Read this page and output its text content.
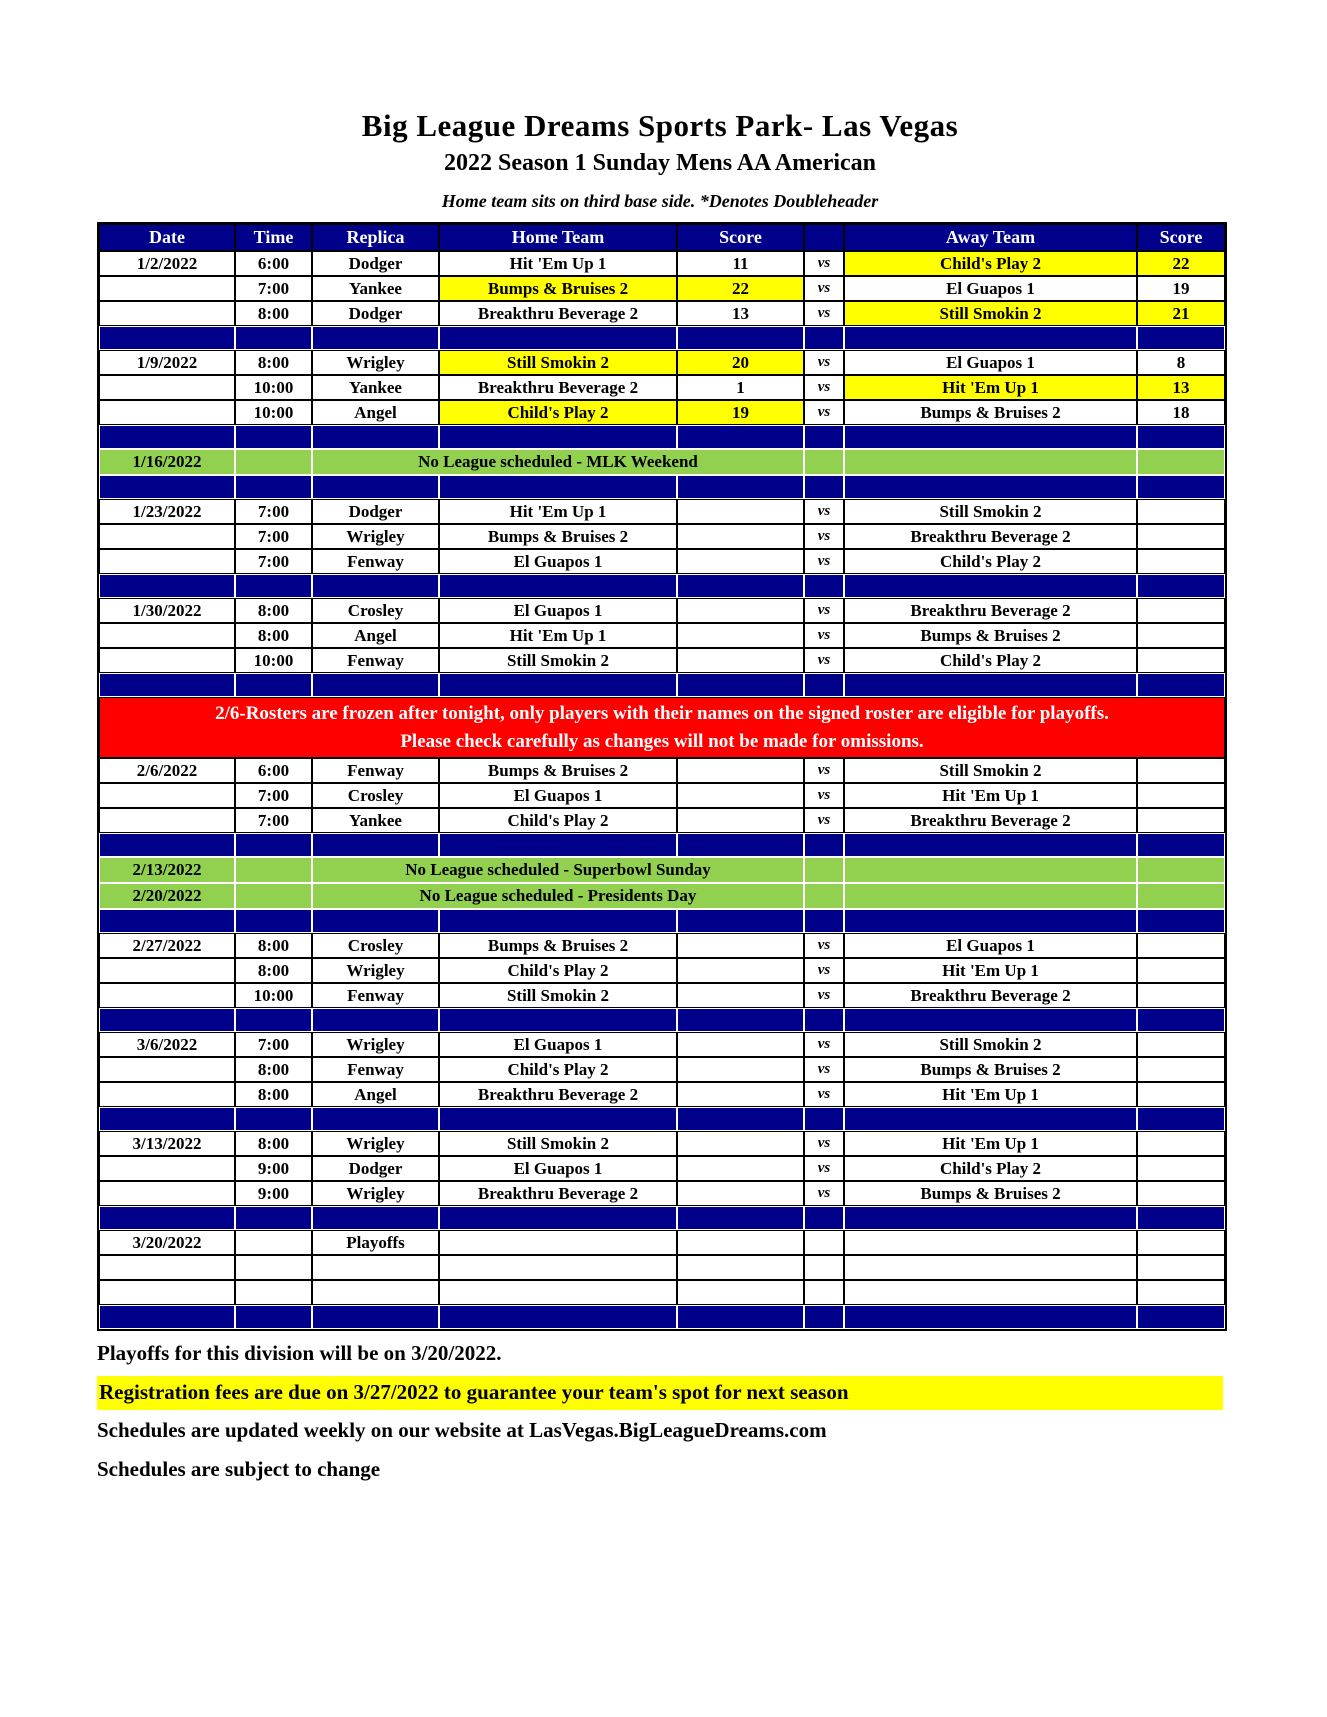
Big League Dreams Sports Park- Las Vegas
2022 Season 1 Sunday Mens AA American
Home team sits on third base side. *Denotes Doubleheader
Date	Time	Replica	Home Team	Score		Away Team	Score
1/2/2022	6:00	Dodger	Hit 'Em Up 1	11	vs	Child's Play 2	22
	7:00	Yankee	Bumps & Bruises 2	22	vs	El Guapos 1	19
	8:00	Dodger	Breakthru Beverage 2	13	vs	Still Smokin 2	21

1/9/2022	8:00	Wrigley	Still Smokin 2	20	vs	El Guapos 1	8
	10:00	Yankee	Breakthru Beverage 2	1	vs	Hit 'Em Up 1	13
	10:00	Angel	Child's Play 2	19	vs	Bumps & Bruises 2	18

1/16/2022		No League scheduled - MLK Weekend					

1/23/2022	7:00	Dodger	Hit 'Em Up 1		vs	Still Smokin 2	
	7:00	Wrigley	Bumps & Bruises 2		vs	Breakthru Beverage 2	
	7:00	Fenway	El Guapos 1		vs	Child's Play 2	

1/30/2022	8:00	Crosley	El Guapos 1		vs	Breakthru Beverage 2	
	8:00	Angel	Hit 'Em Up 1		vs	Bumps & Bruises 2	
	10:00	Fenway	Still Smokin 2		vs	Child's Play 2	

2/6-Rosters are frozen after tonight, only players with their names on the signed roster are eligible for playoffs.
Please check carefully as changes will not be made for omissions.							

2/6/2022	6:00	Fenway	Bumps & Bruises 2		vs	Still Smokin 2	
	7:00	Crosley	El Guapos 1		vs	Hit 'Em Up 1	
	7:00	Yankee	Child's Play 2		vs	Breakthru Beverage 2	

2/13/2022		No League scheduled - Superbowl Sunday					
2/20/2022		No League scheduled - Presidents Day					

2/27/2022	8:00	Crosley	Bumps & Bruises 2		vs	El Guapos 1	
	8:00	Wrigley	Child's Play 2		vs	Hit 'Em Up 1	
	10:00	Fenway	Still Smokin 2		vs	Breakthru Beverage 2	

3/6/2022	7:00	Wrigley	El Guapos 1		vs	Still Smokin 2	
	8:00	Fenway	Child's Play 2		vs	Bumps & Bruises 2	
	8:00	Angel	Breakthru Beverage 2		vs	Hit 'Em Up 1	

3/13/2022	8:00	Wrigley	Still Smokin 2		vs	Hit 'Em Up 1	
	9:00	Dodger	El Guapos 1		vs	Child's Play 2	
	9:00	Wrigley	Breakthru Beverage 2		vs	Bumps & Bruises 2	

3/20/2022		Playoffs					

Playoffs for this division will be on 3/20/2022.
Registration fees are due on 3/27/2022 to guarantee your team's spot for next season
Schedules are updated weekly on our website at LasVegas.BigLeagueDreams.com
Schedules are subject to change
